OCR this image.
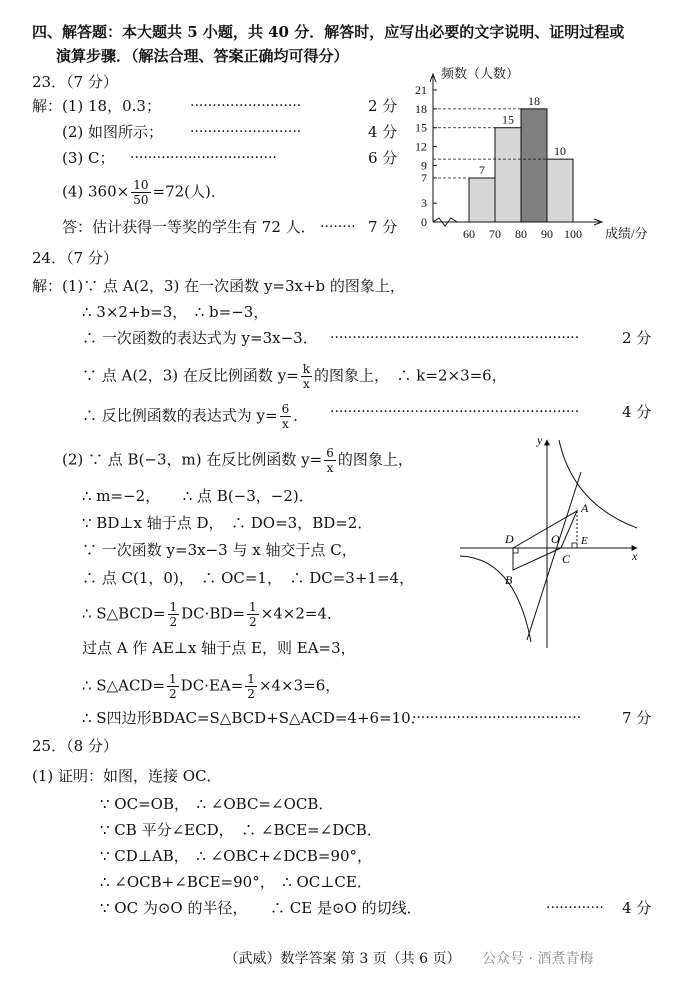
四、解答题：本大题共 5 小题，共 40 分．解答时，应写出必要的文字说明、证明过程或
演算步骤．（解法合理、答案正确均可得分）
23．（7 分）
解：(1) 18，0.3； ·························	2 分
(2) 如图所示； ·························	4 分
(3) C； ·································	6 分
(4) $360\times \frac{10}{50} =72$(人)．
答：估计获得一等奖的学生有 72 人． ········ 7 分
频数（人数）
0
3
7
9
12
15
18
21
7
15
18
10
60 70 80 90 100 成绩/分
24．（7 分）
解：(1)∵ 点 A(2，3) 在一次函数 y=3x+b 的图象上，
∴ 3×2+b=3，　∴ b=−3，
∴ 一次函数的表达式为 y=3x−3． ························································	2 分
∵ 点 A(2，3) 在反比例函数 $y= \frac{k}{x}$ 的图象上，　∴ k=2×3=6，
∴ 反比例函数的表达式为 $y= \frac{6}{x}$ ． ························································	4 分
(2) ∵ 点 B(−3，m) 在反比例函数 $y= \frac{6}{x}$ 的图象上，
∴ m=−2，　　∴ 点 B(−3，−2)．
∵ BD⊥x 轴于点 D，　∴ DO=3，BD=2．
∵ 一次函数 y=3x−3 与 x 轴交于点 C，
∴ 点 C(1，0)，　∴ OC=1，　∴ DC=3+1=4，
∴ S△BCD= $\frac{1}{2} DC\cdot BD= \frac{1}{2} \times 4\times 2=4$．
过点 A 作 AE⊥x 轴于点 E，则 EA=3，
∴ S△ACD= $\frac{1}{2} DC\cdot EA= \frac{1}{2} \times 4\times 3=6$，
∴ S四边形BDAC=S△BCD+S△ACD=4+6=10．
······································	7 分
y
x
A
B
C
D	E
O
25．（8 分）
(1) 证明：如图，连接 OC．
∵ OC=OB，　∴ ∠OBC=∠OCB．
∵ CB 平分∠ECD，　∴ ∠BCE=∠DCB．
∵ CD⊥AB，　∴ ∠OBC+∠DCB=90°，
∴ ∠OCB+∠BCE=90°，　∴ OC⊥CE．
∵ OC 为⊙O 的半径，　　∴ CE 是⊙O 的切线．	············· 4 分
（武威）数学答案 第 3 页（共 6 页）	公众号 · 酒煮青梅
